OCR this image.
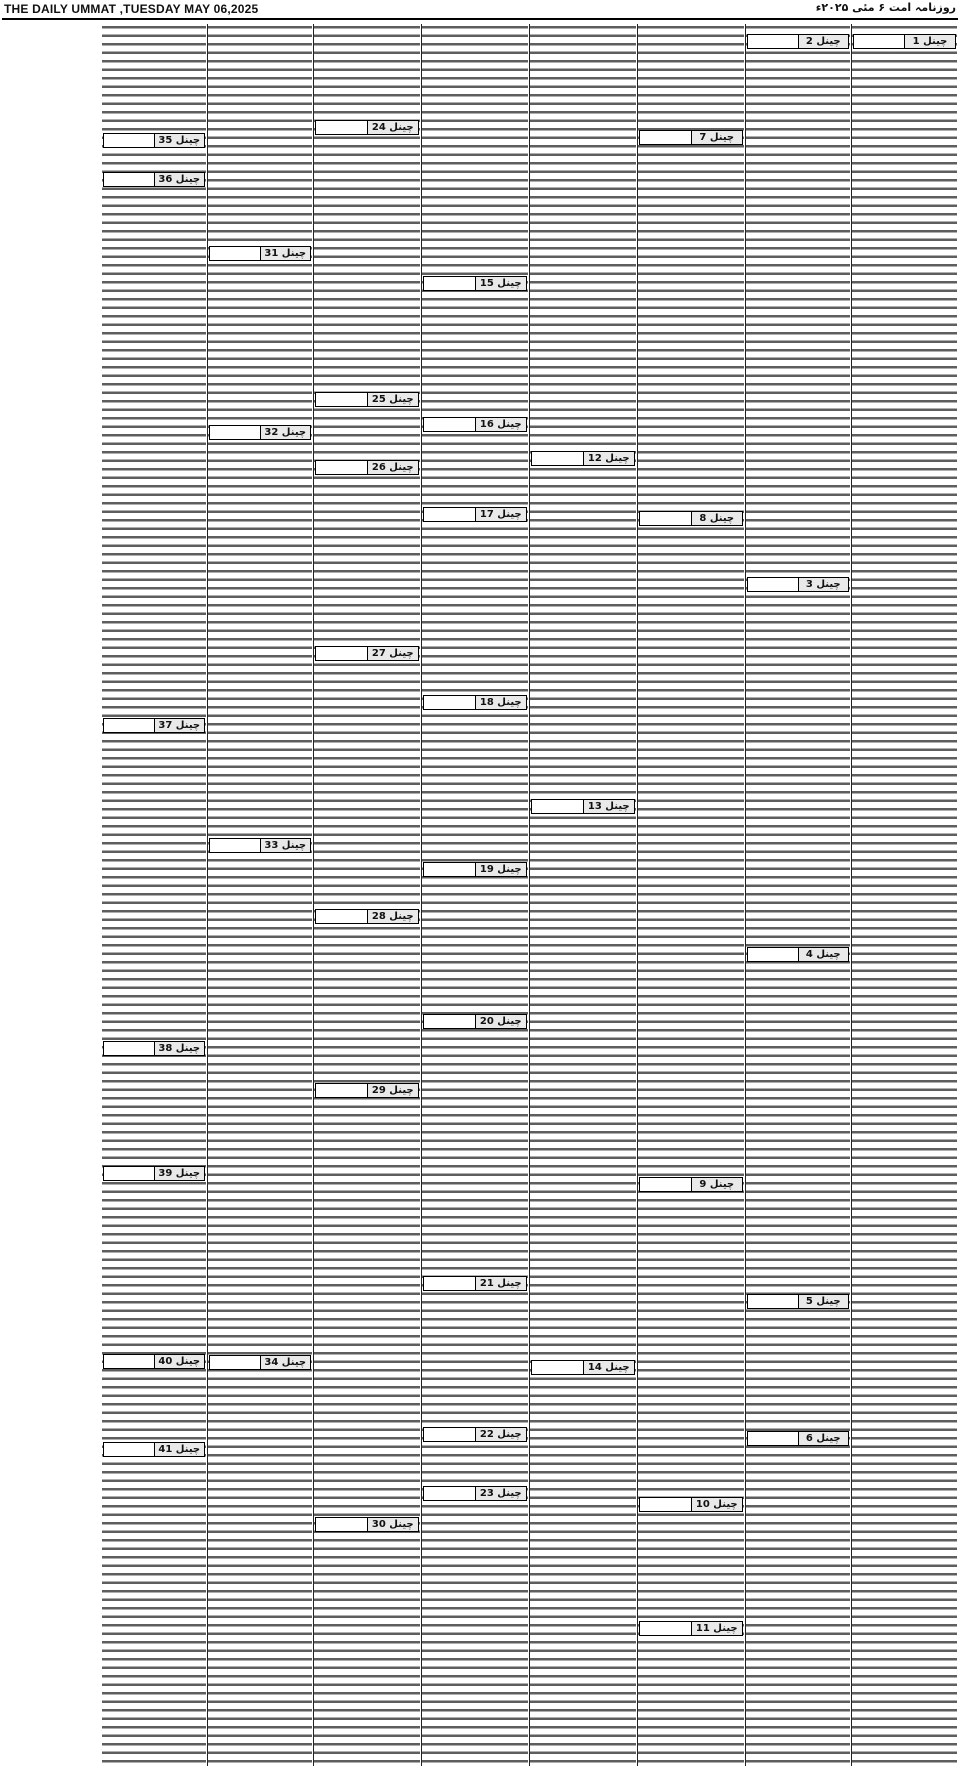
THE DAILY UMMAT ,TUESDAY MAY 06,2025	روزنامہ امت ۶ مئی ۲۰۲۵ء
چینل 1
چینل 2
چینل 3
چینل 4
چینل 5
چینل 6
چینل 7
چینل 8
چینل 9
چینل 10
چینل 11
چینل 12
چینل 13
چینل 14
چینل 15
چینل 16
چینل 17
چینل 18
چینل 19
چینل 20
چینل 21
چینل 22
چینل 23
چینل 24
چینل 25
چینل 26
چینل 27
چینل 28
چینل 29
چینل 30
چینل 31
چینل 32
چینل 33
چینل 34
چینل 35
چینل 36
چینل 37
چینل 38
چینل 39
چینل 40
چینل 41
